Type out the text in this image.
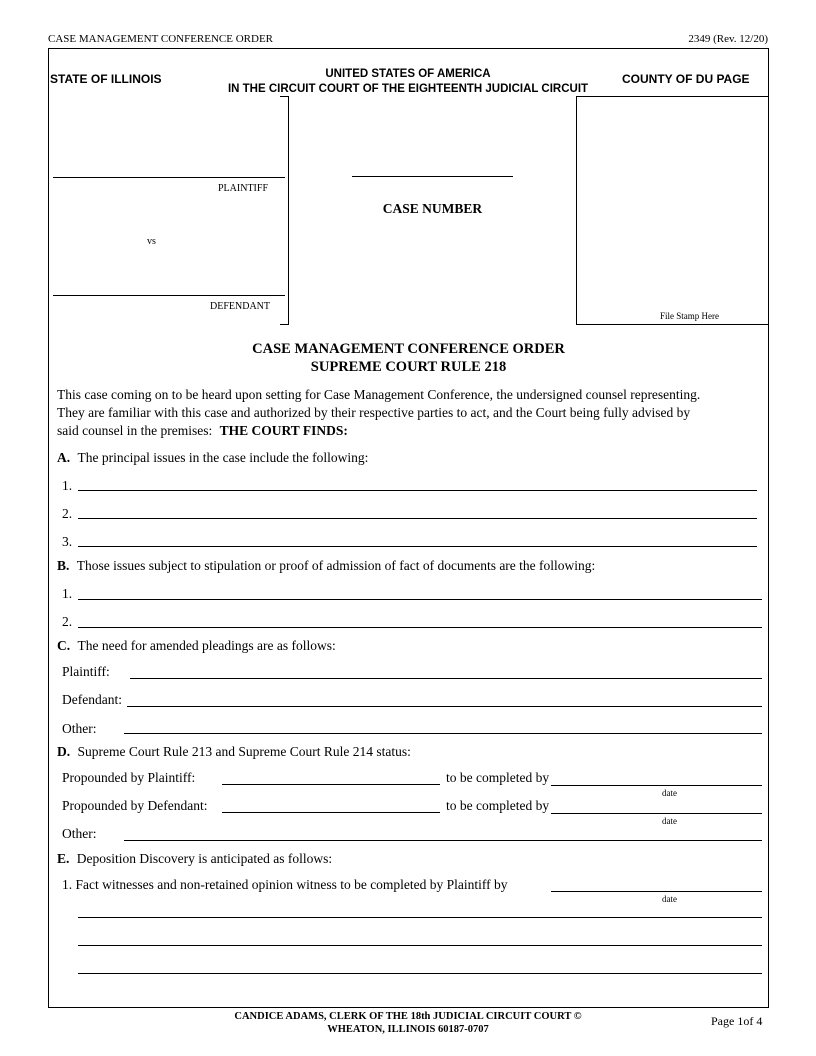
CASE MANAGEMENT CONFERENCE ORDER	2349 (Rev. 12/20)
STATE OF ILLINOIS	UNITED STATES OF AMERICA
IN THE CIRCUIT COURT OF THE EIGHTEENTH JUDICIAL CIRCUIT
COUNTY OF DU PAGE
PLAINTIFF
vs
DEFENDANT
CASE NUMBER
File Stamp Here
CASE MANAGEMENT CONFERENCE ORDER
SUPREME COURT RULE 218
This case coming on to be heard upon setting for Case Management Conference, the undersigned counsel representing.
They are familiar with this case and authorized by their respective parties to act, and the Court being fully advised by
said counsel in the premises: THE COURT FINDS:
A. The principal issues in the case include the following:
1.
2.
3.
B. Those issues subject to stipulation or proof of admission of fact of documents are the following:
1.
2.
C. The need for amended pleadings are as follows:
Plaintiff:
Defendant:
Other:
D. Supreme Court Rule 213 and Supreme Court Rule 214 status:
Propounded by Plaintiff:	to be completed by
date
Propounded by Defendant:	to be completed by
date
Other:
E. Deposition Discovery is anticipated as follows:
1. Fact witnesses and non-retained opinion witness to be completed by Plaintiff by
date
CANDICE ADAMS, CLERK OF THE 18th JUDICIAL CIRCUIT COURT ©
WHEATON, ILLINOIS 60187-0707
Page 1of 4
